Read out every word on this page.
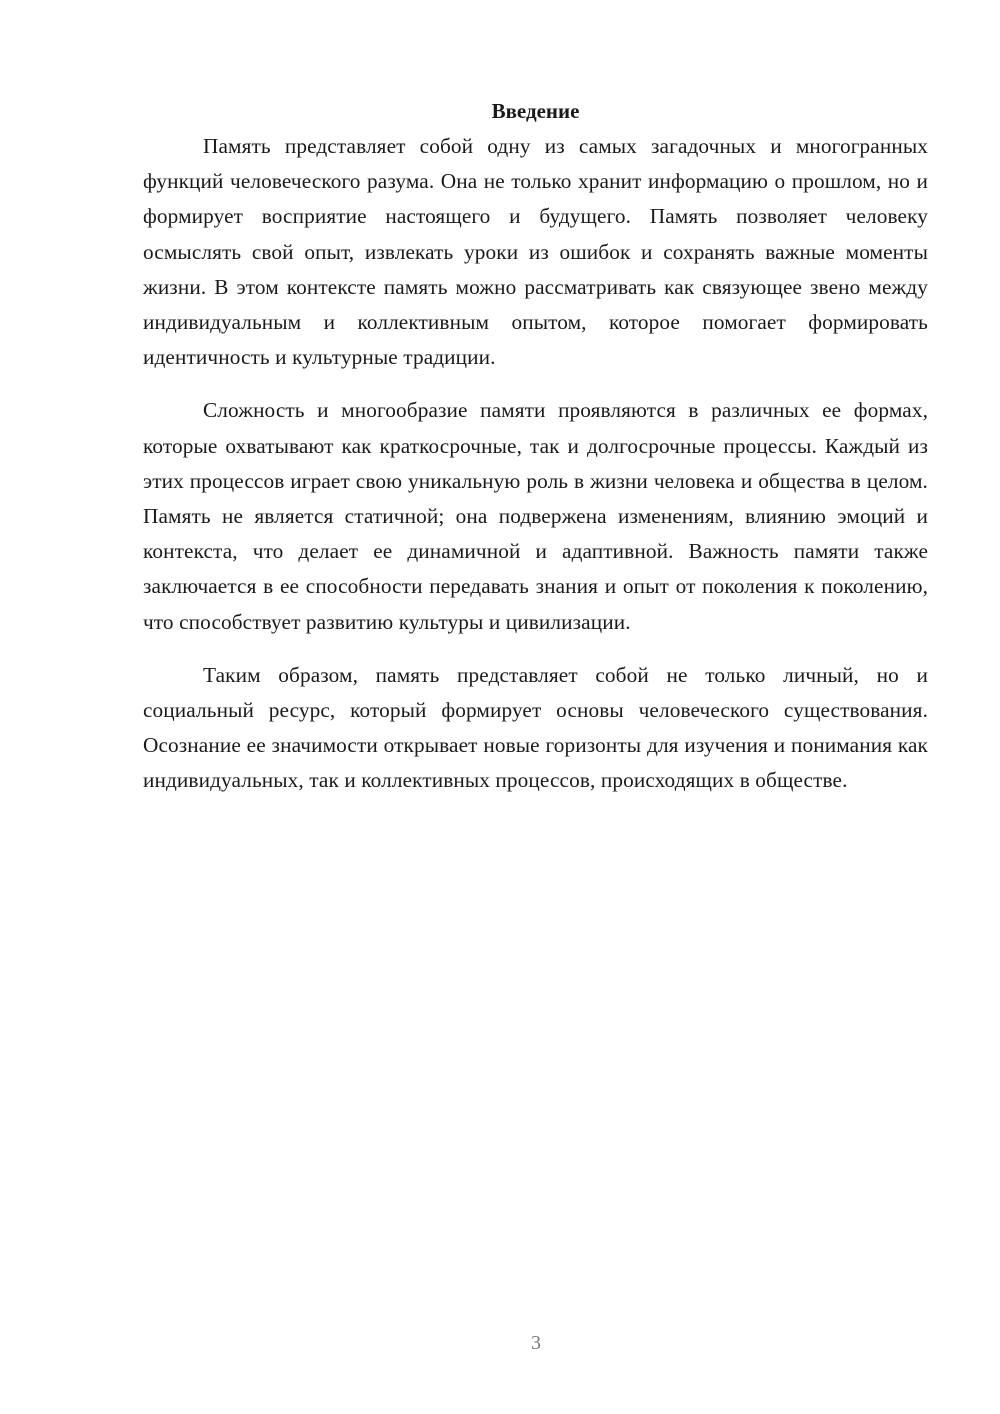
Введение

Память представляет собой одну из самых загадочных и многогранных функций человеческого разума. Она не только хранит информацию о прошлом, но и формирует восприятие настоящего и будущего. Память позволяет человеку осмыслять свой опыт, извлекать уроки из ошибок и сохранять важные моменты жизни. В этом контексте память можно рассматривать как связующее звено между индивидуальным и коллективным опытом, которое помогает формировать идентичность и культурные традиции.

Сложность и многообразие памяти проявляются в различных ее формах, которые охватывают как краткосрочные, так и долгосрочные процессы. Каждый из этих процессов играет свою уникальную роль в жизни человека и общества в целом. Память не является статичной; она подвержена изменениям, влиянию эмоций и контекста, что делает ее динамичной и адаптивной. Важность памяти также заключается в ее способности передавать знания и опыт от поколения к поколению, что способствует развитию культуры и цивилизации.

Таким образом, память представляет собой не только личный, но и социальный ресурс, который формирует основы человеческого существования. Осознание ее значимости открывает новые горизонты для изучения и понимания как индивидуальных, так и коллективных процессов, происходящих в обществе.

3
